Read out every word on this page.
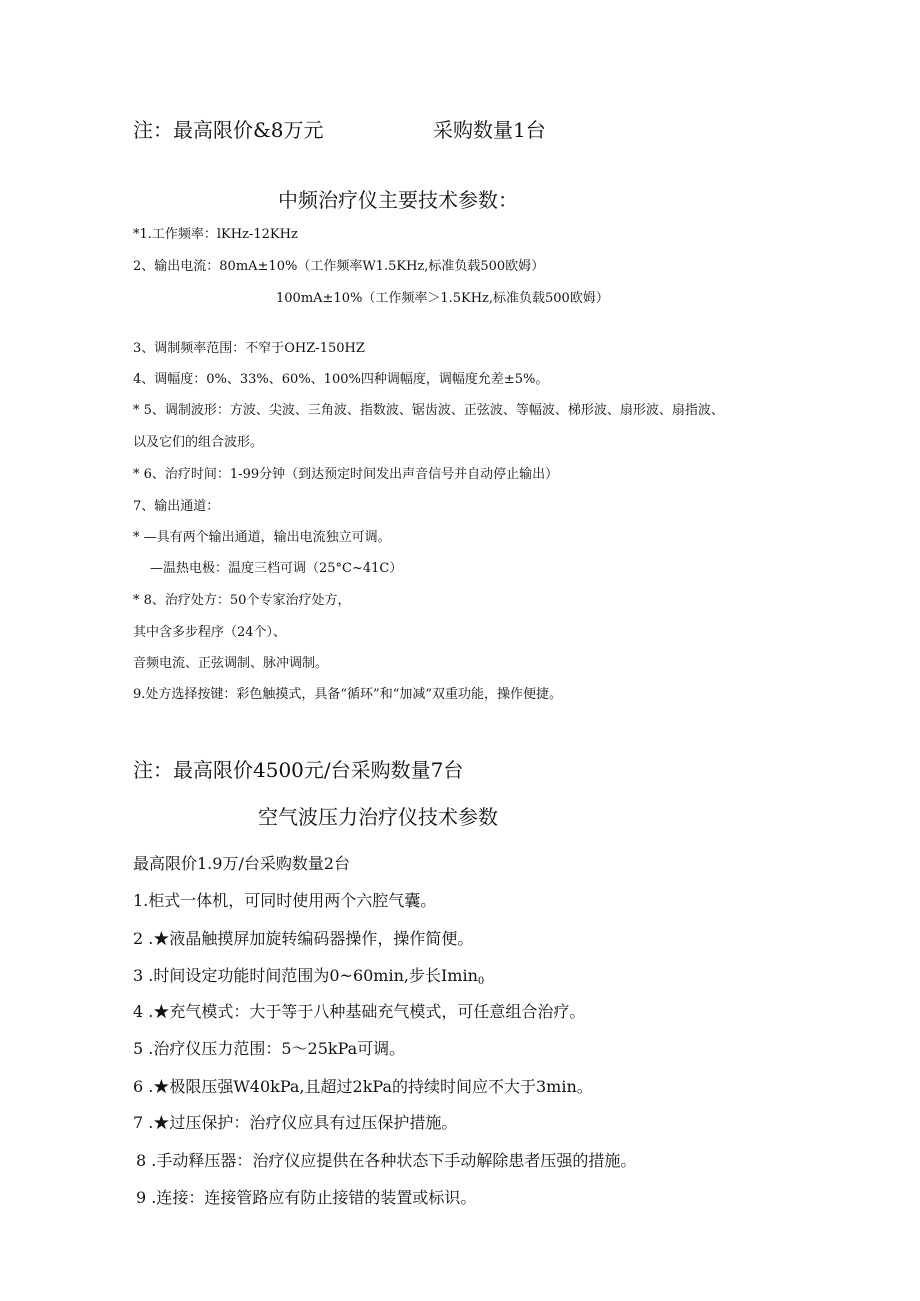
注：最高限价&8万元	采购数量1台
中频治疗仪主要技术参数：
*1.工作频率：lKHz-12KHz
2、输出电流：80mA±10%（工作频率W1.5KHz,标准负载500欧姆）
100mA±10%（工作频率＞1.5KHz,标准负载500欧姆）
3、调制频率范围：不窄于OHZ-150HZ
4、调幅度：0%、33%、60%、100%四种调幅度，调幅度允差±5%。
* 5、调制波形：方波、尖波、三角波、指数波、锯齿波、正弦波、等幅波、梯形波、扇形波、扇指波、
以及它们的组合波形。
* 6、治疗时间：1-99分钟（到达预定时间发出声音信号并自动停止输出）
7、输出通道：
* —具有两个输出通道，输出电流独立可调。
—温热电极：温度三档可调（25°C~41C）
* 8、治疗处方：50个专家治疗处方，
其中含多步程序（24个）、
音频电流、正弦调制、脉冲调制。
9.处方选择按键：彩色触摸式，具备“循环”和“加减”双重功能，操作便捷。
注：最高限价4500元/台采购数量7台
空气波压力治疗仪技术参数
最高限价1.9万/台采购数量2台
1.柜式一体机，可同时使用两个六腔气囊。
2 .★液晶触摸屏加旋转编码器操作，操作简便。
3 .时间设定功能时间范围为0~60min,步长Imin0
4 .★充气模式：大于等于八种基础充气模式，可任意组合治疗。
5 .治疗仪压力范围：5～25kPa可调。
6 .★极限压强W40kPa,且超过2kPa的持续时间应不大于3min。
7 .★过压保护：治疗仪应具有过压保护措施。
8 .手动释压器：治疗仪应提供在各种状态下手动解除患者压强的措施。
9 .连接：连接管路应有防止接错的装置或标识。
